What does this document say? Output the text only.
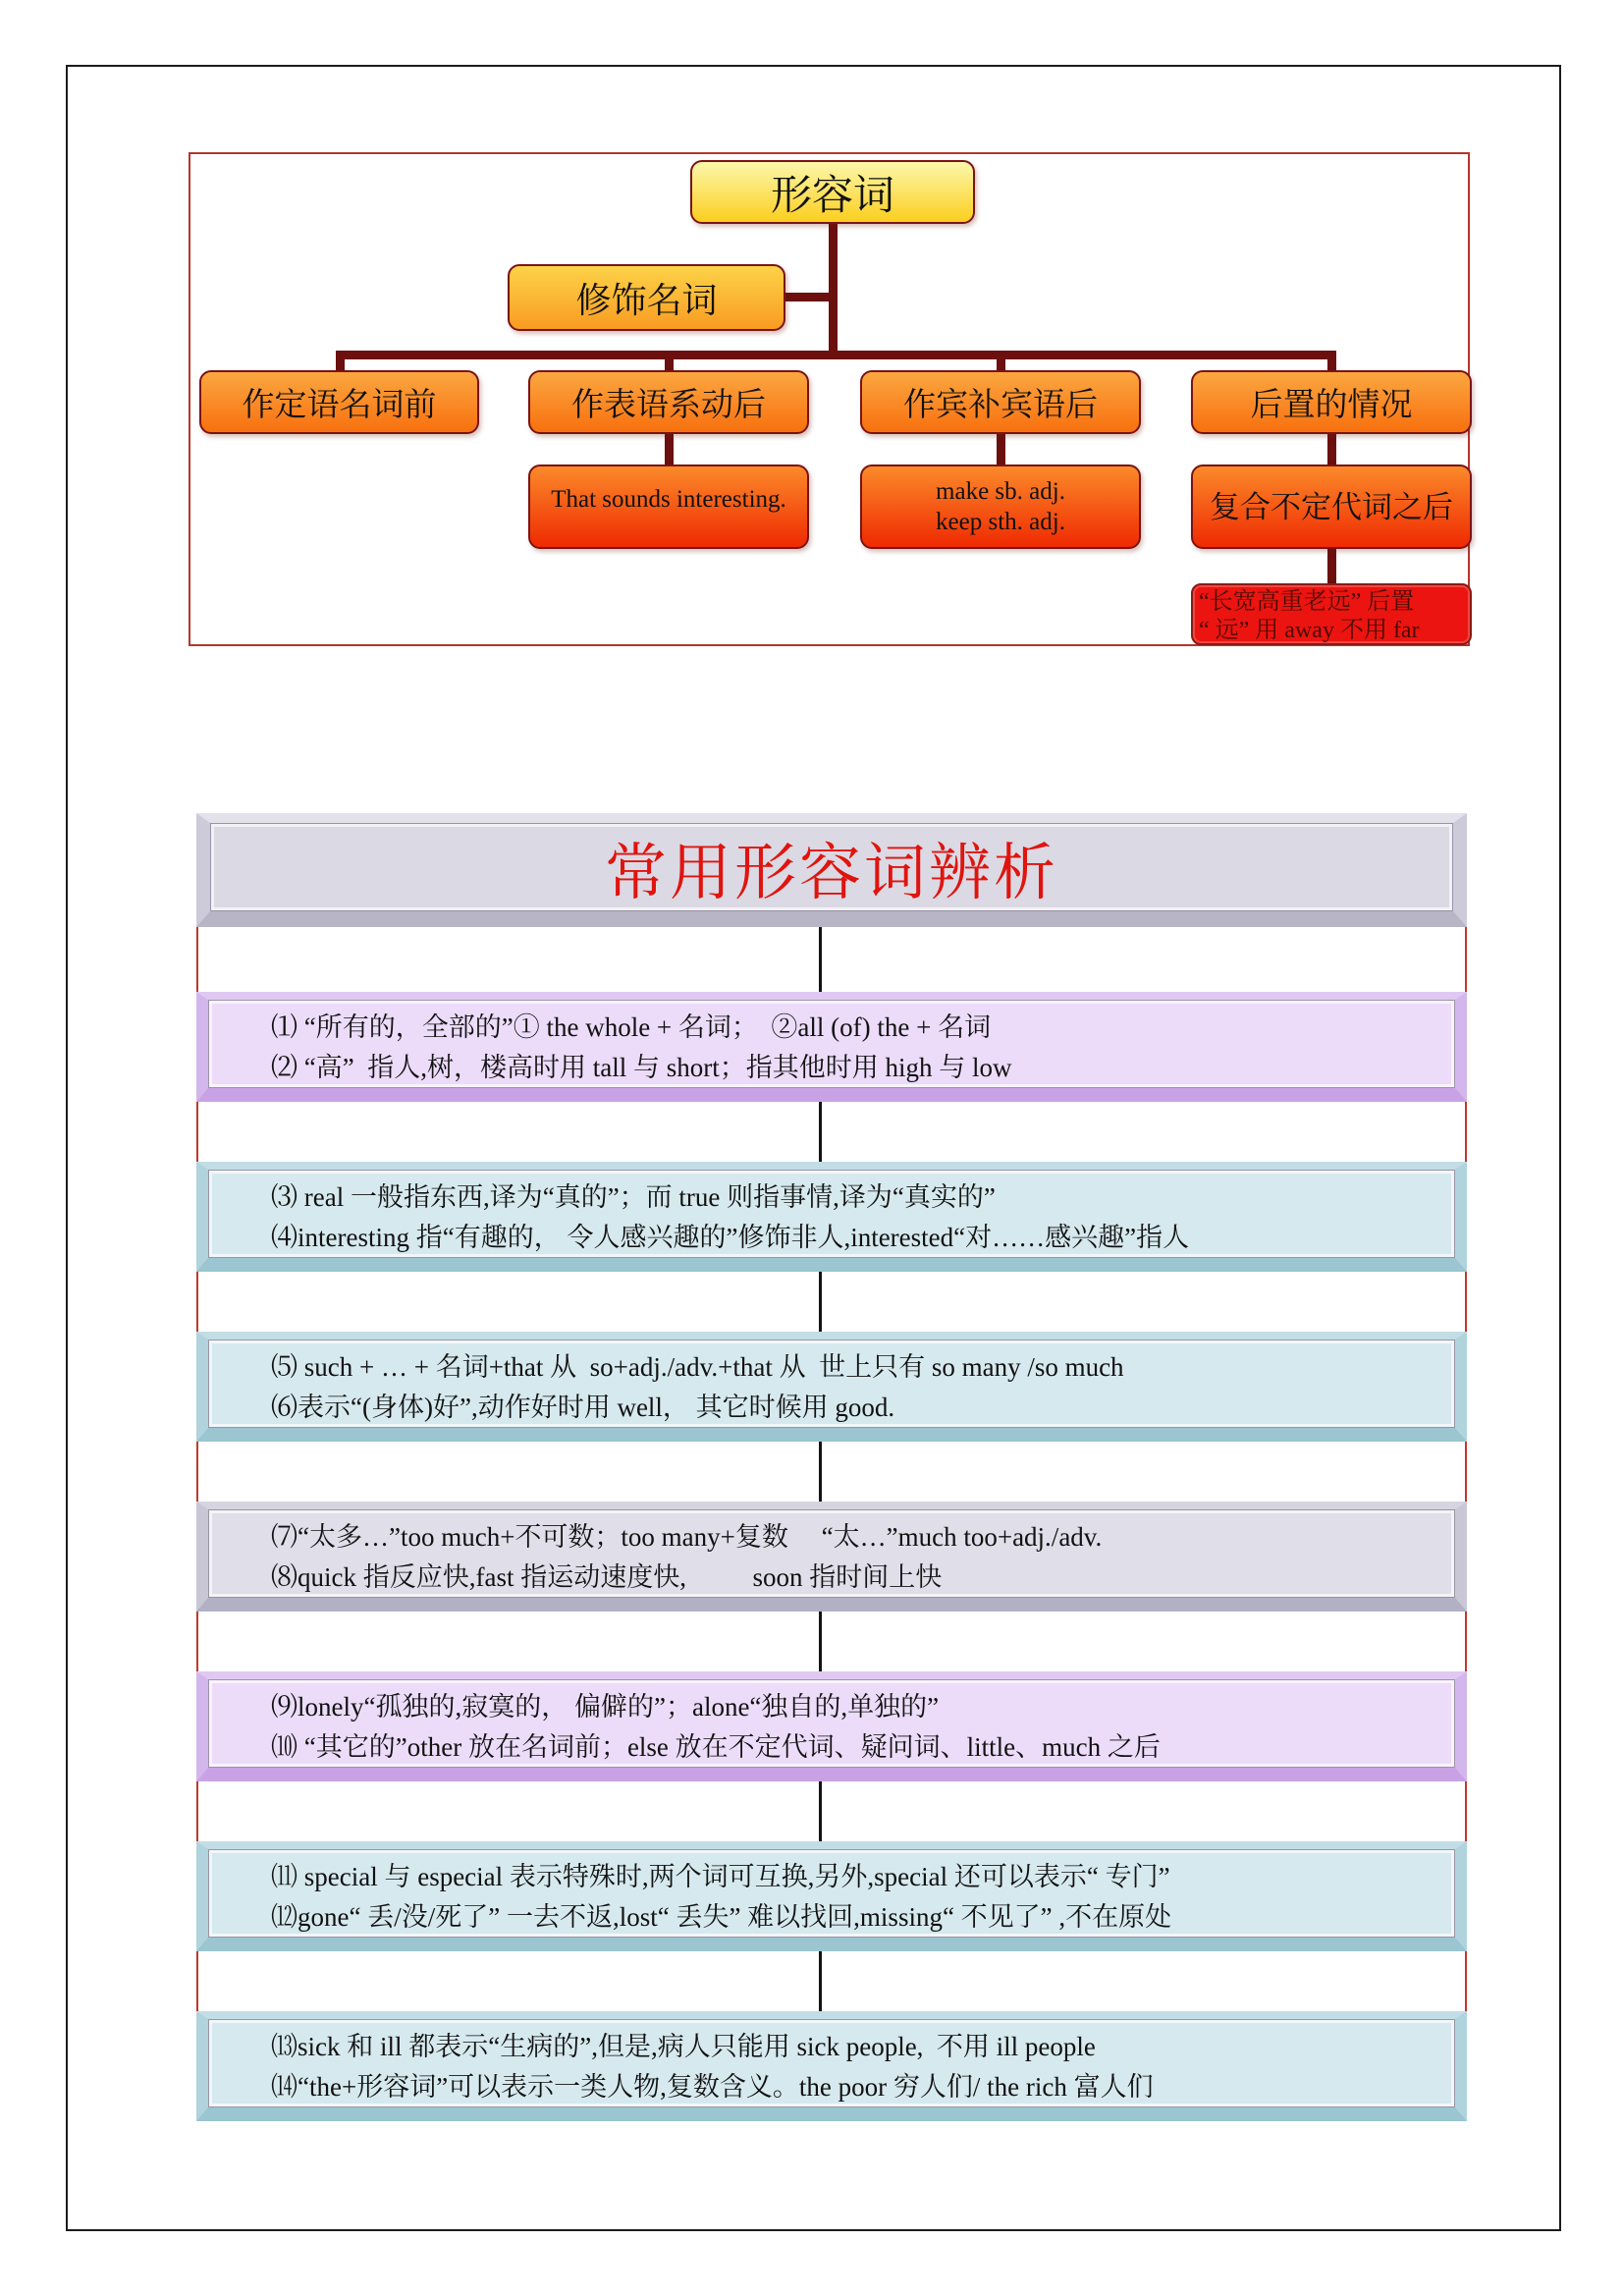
形容词
修饰名词
作定语名词前	作表语系动后	作宾补宾语后	后置的情况
That sounds interesting.	make sb. adj.
keep sth. adj.	复合不定代词之后
“长宽高重老远” 后置
“ 远” 用 away 不用 far
常用形容词辨析
⑴ “所有的，全部的”① the whole + 名词；  ②all (of) the + 名词
⑵ “高”  指人,树，楼高时用 tall 与 short；指其他时用 high 与 low
⑶ real 一般指东西,译为“真的”；而 true 则指事情,译为“真实的”
⑷interesting 指“有趣的， 令人感兴趣的”修饰非人,interested“对……感兴趣”指人
⑸ such + … + 名词+that 从  so+adj./adv.+that 从  世上只有 so many /so much
⑹表示“(身体)好”,动作好时用 well， 其它时候用 good.
⑺“太多…”too much+不可数；too many+复数     “太…”much too+adj./adv.
⑻quick 指反应快,fast 指运动速度快,          soon 指时间上快
⑼lonely“孤独的,寂寞的， 偏僻的”；alone“独自的,单独的”
⑽ “其它的”other 放在名词前；else 放在不定代词、疑问词、little、much 之后
⑾ special 与 especial 表示特殊时,两个词可互换,另外,special 还可以表示“ 专门”
⑿gone“ 丢/没/死了” 一去不返,lost“ 丢失” 难以找回,missing“ 不见了” ,不在原处
⒀sick 和 ill 都表示“生病的”,但是,病人只能用 sick people,  不用 ill people
⒁“the+形容词”可以表示一类人物,复数含义。the poor 穷人们/ the rich 富人们
